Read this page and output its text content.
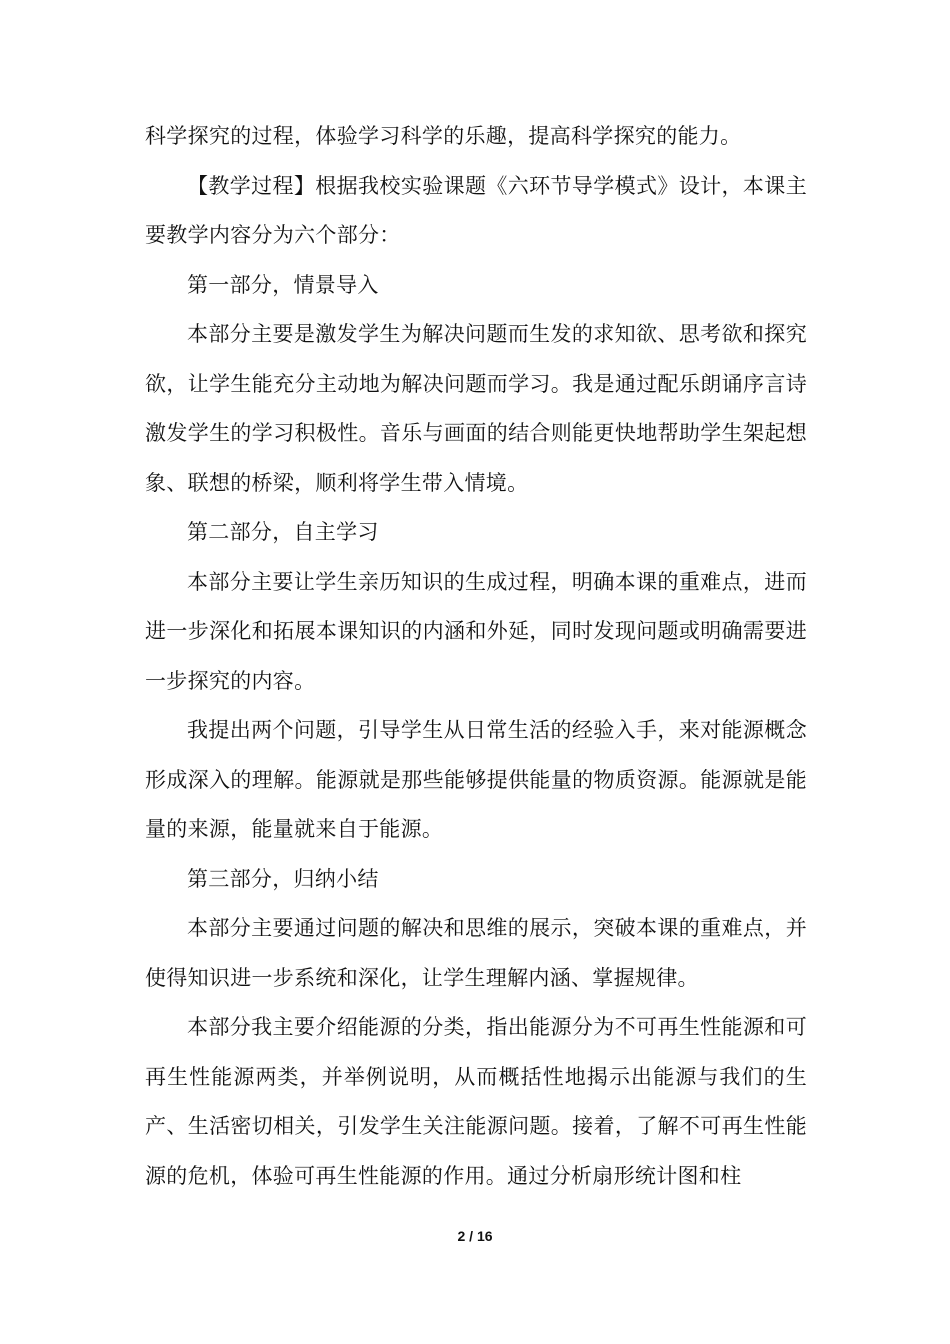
科学探究的过程，体验学习科学的乐趣，提高科学探究的能力。

【教学过程】根据我校实验课题《六环节导学模式》设计，本课主要教学内容分为六个部分：

第一部分，情景导入

本部分主要是激发学生为解决问题而生发的求知欲、思考欲和探究欲，让学生能充分主动地为解决问题而学习。我是通过配乐朗诵序言诗激发学生的学习积极性。音乐与画面的结合则能更快地帮助学生架起想象、联想的桥梁，顺利将学生带入情境。

第二部分，自主学习

本部分主要让学生亲历知识的生成过程，明确本课的重难点，进而进一步深化和拓展本课知识的内涵和外延，同时发现问题或明确需要进一步探究的内容。

我提出两个问题，引导学生从日常生活的经验入手，来对能源概念形成深入的理解。能源就是那些能够提供能量的物质资源。能源就是能量的来源，能量就来自于能源。

第三部分，归纳小结

本部分主要通过问题的解决和思维的展示，突破本课的重难点，并使得知识进一步系统和深化，让学生理解内涵、掌握规律。

本部分我主要介绍能源的分类，指出能源分为不可再生性能源和可再生性能源两类，并举例说明，从而概括性地揭示出能源与我们的生产、生活密切相关，引发学生关注能源问题。接着，了解不可再生性能源的危机，体验可再生性能源的作用。通过分析扇形统计图和柱

2 / 16
